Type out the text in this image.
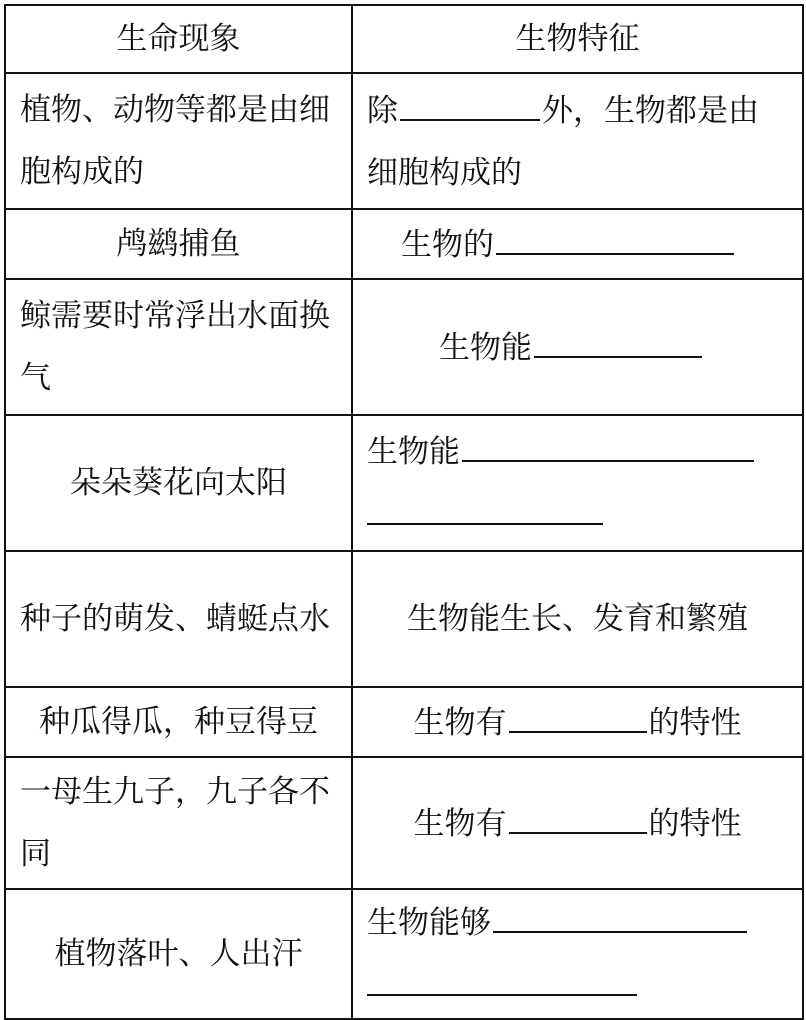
生命现象	生物特征
植物、动物等都是由细胞构成的	除 外，生物都是由细胞构成的
鸬鹚捕鱼	生物的
鲸需要时常浮出水面换气	生物能
朵朵葵花向太阳	生物能

种子的萌发、蜻蜓点水	生物能生长、发育和繁殖
种瓜得瓜，种豆得豆	生物有 的特性
一母生九子，九子各不同	生物有 的特性
植物落叶、人出汗	生物能够
